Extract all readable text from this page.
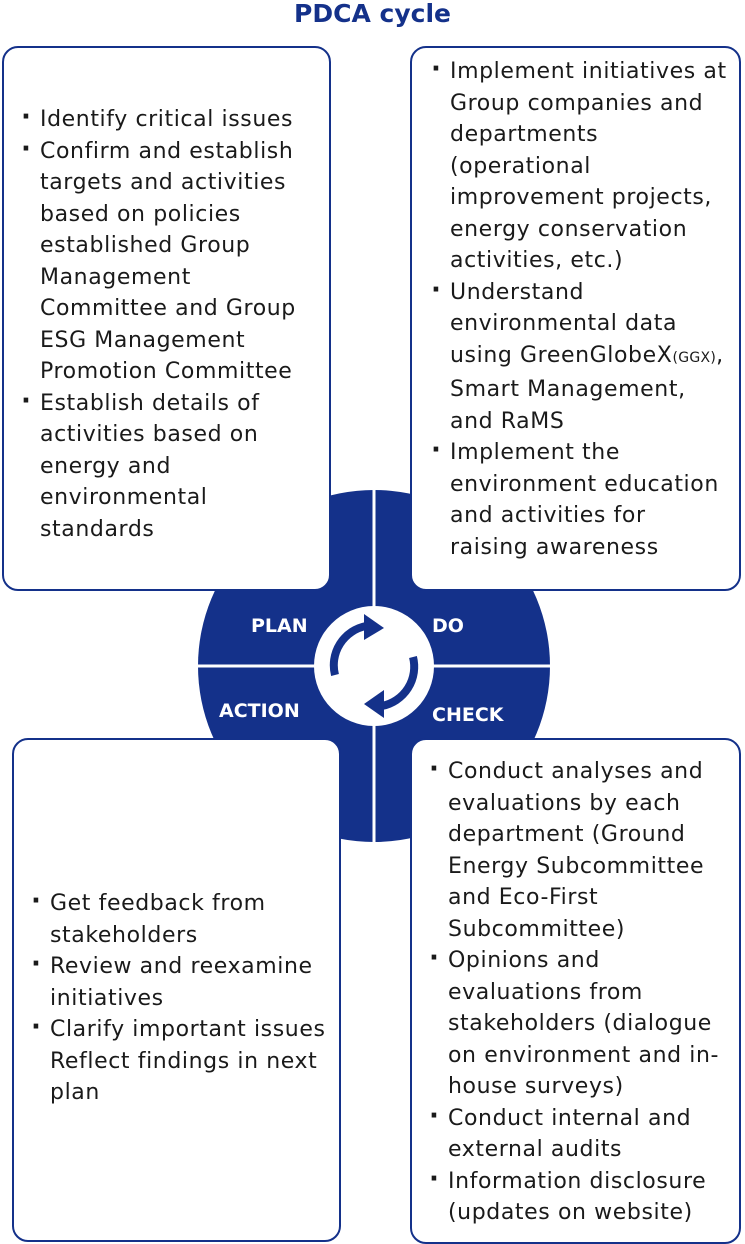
PDCA cycle
PLAN	DO
ACTION	CHECK
· Identify critical issues
· Confirm and establish targets and activities based on policies established Group Management Committee and Group ESG Management Promotion Committee
· Establish details of activities based on energy and environmental standards
· Implement initiatives at Group companies and departments (operational improvement projects, energy conservation activities, etc.)
· Understand environmental data using GreenGlobeX(GGX), Smart Management, and RaMS
· Implement the environment education and activities for raising awareness
· Get feedback from stakeholders
· Review and reexamine initiatives
· Clarify important issues Reflect findings in next plan
· Conduct analyses and evaluations by each department (Ground Energy Subcommittee and Eco-First Subcommittee)
· Opinions and evaluations from stakeholders (dialogue on environment and in-house surveys)
· Conduct internal and external audits
· Information disclosure (updates on website)
